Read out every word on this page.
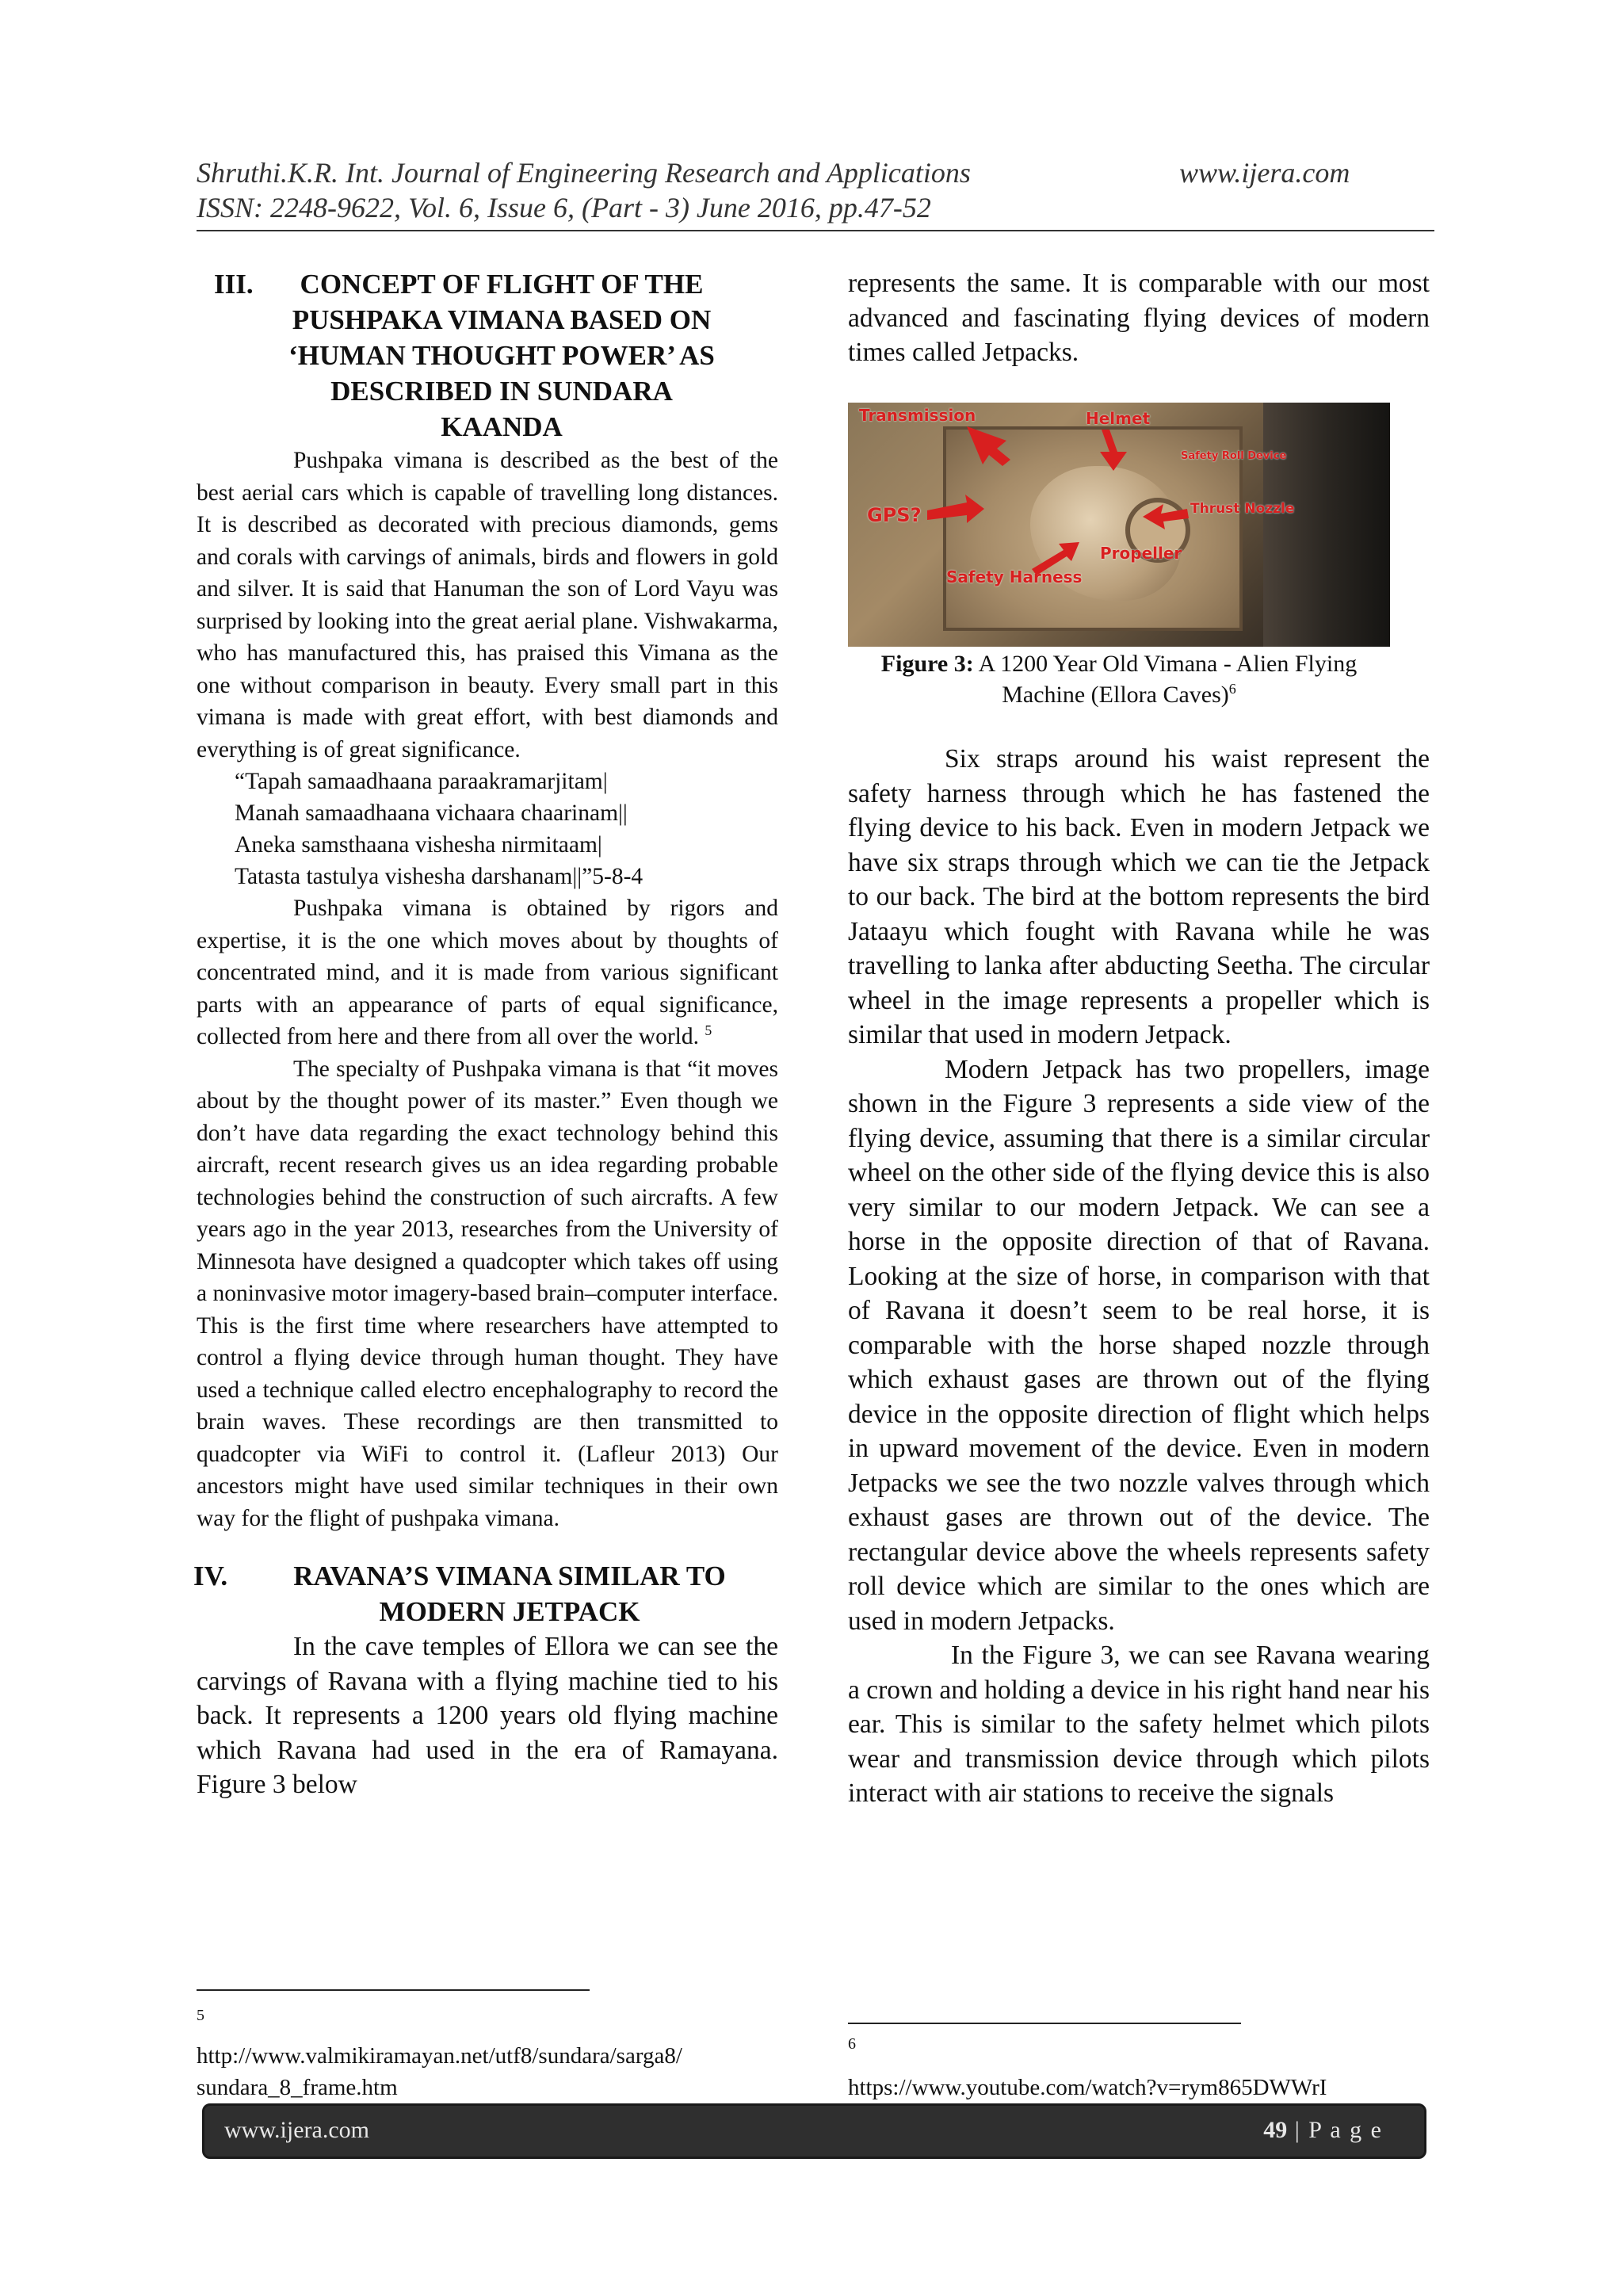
Shruthi.K.R. Int. Journal of Engineering Research and Applications	www.ijera.com
ISSN: 2248-9622, Vol. 6, Issue 6, (Part - 3) June 2016, pp.47-52
III.	CONCEPT OF FLIGHT OF THE
PUSHPAKA VIMANA BASED ON
‘HUMAN THOUGHT POWER’ AS
DESCRIBED IN SUNDARA
KAANDA

Pushpaka vimana is described as the best of the best aerial cars which is capable of travelling long distances. It is described as decorated with precious diamonds, gems and corals with carvings of animals, birds and flowers in gold and silver. It is said that Hanuman the son of Lord Vayu was surprised by looking into the great aerial plane. Vishwakarma, who has manufactured this, has praised this Vimana as the one without comparison in beauty. Every small part in this vimana is made with great effort, with best diamonds and everything is of great significance.

“Tapah samaadhaana paraakramarjitam|

Manah samaadhaana vichaara chaarinam||

Aneka samsthaana vishesha nirmitaam|

Tatasta tastulya vishesha darshanam||”5-8-4

Pushpaka vimana is obtained by rigors and expertise, it is the one which moves about by thoughts of concentrated mind, and it is made from various significant parts with an appearance of parts of equal significance, collected from here and there from all over the world. $^5$

The specialty of Pushpaka vimana is that “it moves about by the thought power of its master.” Even though we don’t have data regarding the exact technology behind this aircraft, recent research gives us an idea regarding probable technologies behind the construction of such aircrafts. A few years ago in the year 2013, researches from the University of Minnesota have designed a quadcopter which takes off using a noninvasive motor imagery-based brain–computer interface. This is the first time where researchers have attempted to control a flying device through human thought. They have used a technique called electro encephalography to record the brain waves. These recordings are then transmitted to quadcopter via WiFi to control it. (Lafleur 2013) Our ancestors might have used similar techniques in their own way for the flight of pushpaka vimana.

IV.	RAVANA’S VIMANA SIMILAR TO
MODERN JETPACK

In the cave temples of Ellora we can see the carvings of Ravana with a flying machine tied to his back. It represents a 1200 years old flying machine which Ravana had used in the era of Ramayana. Figure 3 below

5
http://www.valmikiramayan.net/utf8/sundara/sarga8/
sundara_8_frame.htm

represents the same. It is comparable with our most advanced and fascinating flying devices of modern times called Jetpacks.

Transmission	Helmet
Safety Roll Device
GPS?	Thrust Nozzle
Propeller
Safety Harness
Figure 3: A 1200 Year Old Vimana - Alien Flying
Machine (Ellora Caves)$^6$

Six straps around his waist represent the safety harness through which he has fastened the flying device to his back. Even in modern Jetpack we have six straps through which we can tie the Jetpack to our back. The bird at the bottom represents the bird Jataayu which fought with Ravana while he was travelling to lanka after abducting Seetha. The circular wheel in the image represents a propeller which is similar that used in modern Jetpack.

Modern Jetpack has two propellers, image shown in the Figure 3 represents a side view of the flying device, assuming that there is a similar circular wheel on the other side of the flying device this is also very similar to our modern Jetpack. We can see a horse in the opposite direction of that of Ravana. Looking at the size of horse, in comparison with that of Ravana it doesn’t seem to be real horse, it is comparable with the horse shaped nozzle through which exhaust gases are thrown out of the flying device in the opposite direction of flight which helps in upward movement of the device. Even in modern Jetpacks we see the two nozzle valves through which exhaust gases are thrown out of the device. The rectangular device above the wheels represents safety roll device which are similar to the ones which are used in modern Jetpacks.

In the Figure 3, we can see Ravana wearing a crown and holding a device in his right hand near his ear. This is similar to the safety helmet which pilots wear and transmission device through which pilots interact with air stations to receive the signals

6
https://www.youtube.com/watch?v=rym865DWWrI
www.ijera.com	49 | P a g e
